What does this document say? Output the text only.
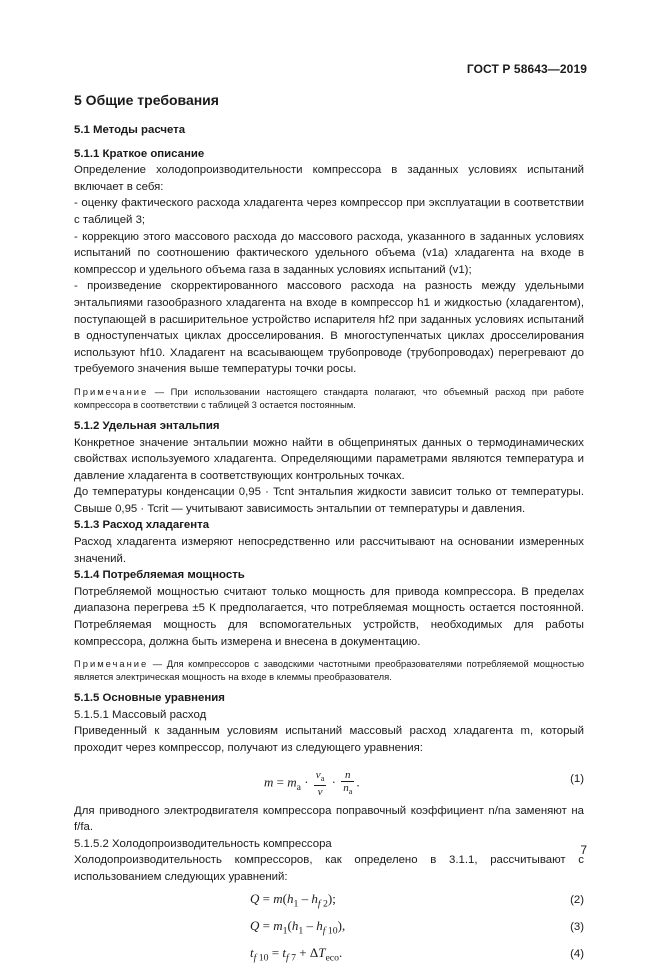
ГОСТ Р 58643—2019
5 Общие требования
5.1 Методы расчета
5.1.1 Краткое описание

Определение холодопроизводительности компрессора в заданных условиях испытаний включает в себя:

- оценку фактического расхода хладагента через компрессор при эксплуатации в соответствии с таблицей 3;

- коррекцию этого массового расхода до массового расхода, указанного в заданных условиях испытаний по соотношению фактического удельного объема (v1a) хладагента на входе в компрессор и удельного объема газа в заданных условиях испытаний (v1);

- произведение скорректированного массового расхода на разность между удельными энтальпиями газообразного хладагента на входе в компрессор h1 и жидкостью (хладагентом), поступающей в расширительное устройство испарителя hf2 при заданных условиях испытаний в одноступенчатых циклах дросселирования. В многоступенчатых циклах дросселирования используют hf10. Хладагент на всасывающем трубопроводе (трубопроводах) перегревают до требуемого значения выше температуры точки росы.

Примечание — При использовании настоящего стандарта полагают, что объемный расход при работе компрессора в соответствии с таблицей 3 остается постоянным.
5.1.2 Удельная энтальпия

Конкретное значение энтальпии можно найти в общепринятых данных о термодинамических свойствах используемого хладагента. Определяющими параметрами являются температура и давление хладагента в соответствующих контрольных точках.

До температуры конденсации 0,95 · Tcnt энтальпия жидкости зависит только от температуры. Свыше 0,95 · Tcrit — учитывают зависимость энтальпии от температуры и давления.

5.1.3 Расход хладагента

Расход хладагента измеряют непосредственно или рассчитывают на основании измеренных значений.

5.1.4 Потребляемая мощность

Потребляемой мощностью считают только мощность для привода компрессора. В пределах диапазона перегрева ±5 К предполагается, что потребляемая мощность остается постоянной. Потребляемая мощность для вспомогательных устройств, необходимых для работы компрессора, должна быть измерена и внесена в документацию.

Примечание — Для компрессоров с заводскими частотными преобразователями потребляемой мощностью является электрическая мощность на входе в клеммы преобразователя.
5.1.5 Основные уравнения

5.1.5.1 Массовый расход

Приведенный к заданным условиям испытаний массовый расход хладагента m, который проходит через компрессор, получают из следующего уравнения:

$m = m_a \cdot \frac{v_a}{v} \cdot \frac{n}{n_a}$ .	(1)

Для приводного электродвигателя компрессора поправочный коэффициент n/na заменяют на f/fa.

5.1.5.2 Холодопроизводительность компрессора

Холодопроизводительность компрессоров, как определено в 3.1.1, рассчитывают с использованием следующих уравнений:

$Q = m(h_1 - h_{f 2})$;	(2)
$Q = m_1(h_1 - h_{f 10})$,	(3)
$t_{f 10} = t_{f 7} + \Delta T_{eco}$.	(4)
7
